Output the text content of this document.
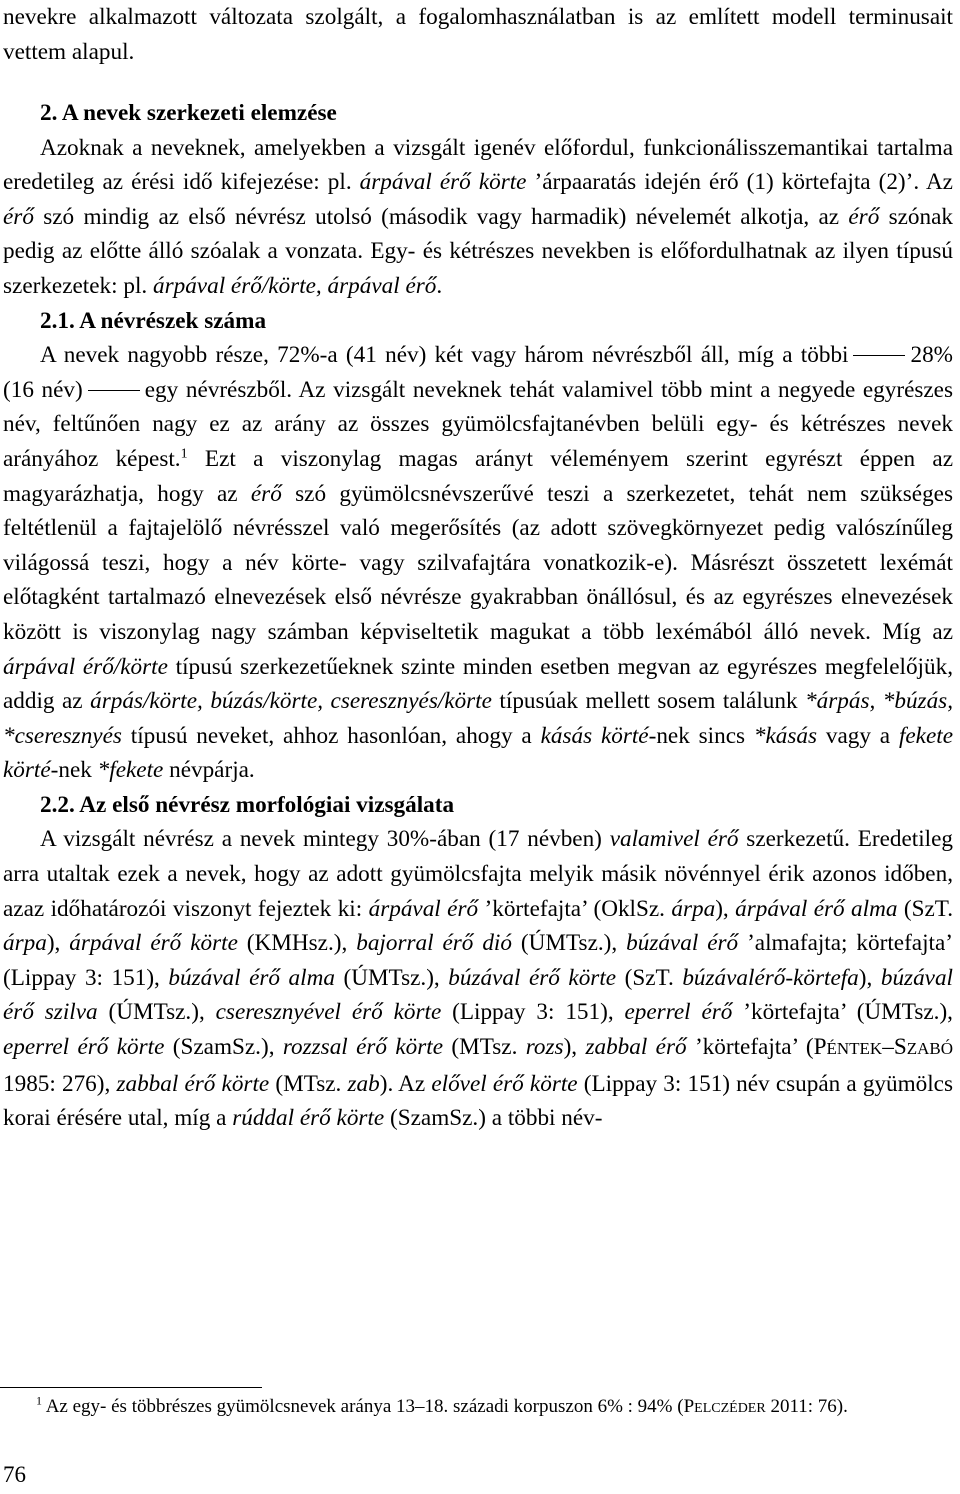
nevekre alkalmazott változata szolgált, a fogalomhasználatban is az említett modell terminusait vettem alapul.

2. A nevek szerkezeti elemzése

Azoknak a neveknek, amelyekben a vizsgált igenév előfordul, funkcionálisszemantikai tartalma eredetileg az érési idő kifejezése: pl. árpával érő körte ’árpaaratás idején érő (1) körtefajta (2)’. Az érő szó mindig az első névrész utolsó (második vagy harmadik) névelemét alkotja, az érő szónak pedig az előtte álló szóalak a vonzata. Egy- és kétrészes nevekben is előfordulhatnak az ilyen típusú szerkezetek: pl. árpával érő/körte, árpával érő.

2.1. A névrészek száma

A nevek nagyobb része, 72%-a (41 név) két vagy három névrészből áll, míg a többi	28% (16 név)	egy névrészből. Az vizsgált neveknek tehát valamivel több mint a negyede egyrészes név, feltűnően nagy ez az arány az összes gyümölcsfajtanévben belüli egy- és kétrészes nevek arányához képest.$^1$ Ezt a viszonylag magas arányt véleményem szerint egyrészt éppen az magyarázhatja, hogy az érő szó gyümölcsnévszerűvé teszi a szerkezetet, tehát nem szükséges feltétlenül a fajtajelölő névrésszel való megerősítés (az adott szövegkörnyezet pedig valószínűleg világossá teszi, hogy a név körte- vagy szilvafajtára vonatkozik-e). Másrészt összetett lexémát előtagként tartalmazó elnevezések első névrésze gyakrabban önállósul, és az egyrészes elnevezések között is viszonylag nagy számban képviseltetik magukat a több lexémából álló nevek. Míg az árpával érő/körte típusú szerkezetűeknek szinte minden esetben megvan az egyrészes megfelelőjük, addig az árpás/körte, búzás/körte, cseresznyés/körte típusúak mellett sosem találunk *árpás, *búzás, *cseresznyés típusú neveket, ahhoz hasonlóan, ahogy a kásás körté-nek sincs *kásás vagy a fekete körté-nek *fekete névpárja.

2.2. Az első névrész morfológiai vizsgálata

A vizsgált névrész a nevek mintegy 30%-ában (17 névben) valamivel érő szerkezetű. Eredetileg arra utaltak ezek a nevek, hogy az adott gyümölcsfajta melyik másik növénnyel érik azonos időben, azaz időhatározói viszonyt fejeztek ki: árpával érő ’körtefajta’ (OklSz. árpa), árpával érő alma (SzT. árpa), árpával érő körte (KMHsz.), bajorral érő dió (ÚMTsz.), búzával érő ’almafajta; körtefajta’ (Lippay 3: 151), búzával érő alma (ÚMTsz.), búzával érő körte (SzT. búzávalérő-körtefa), búzával érő szilva (ÚMTsz.), cseresznyével érő körte (Lippay 3: 151), eperrel érő ’körtefajta’ (ÚMTsz.), eperrel érő körte (SzamSz.), rozzsal érő körte (MTsz. rozs), zabbal érő ’körtefajta’ (PÉNTEK–SZABÓ 1985: 276), zabbal érő körte (MTsz. zab). Az elővel érő körte (Lippay 3: 151) név csupán a gyümölcs korai érésére utal, míg a rúddal érő körte (SzamSz.) a többi név-

$^1$ Az egy- és többrészes gyümölcsnevek aránya 13–18. századi korpuszon 6% : 94% (PELCZÉDER 2011: 76).

76
